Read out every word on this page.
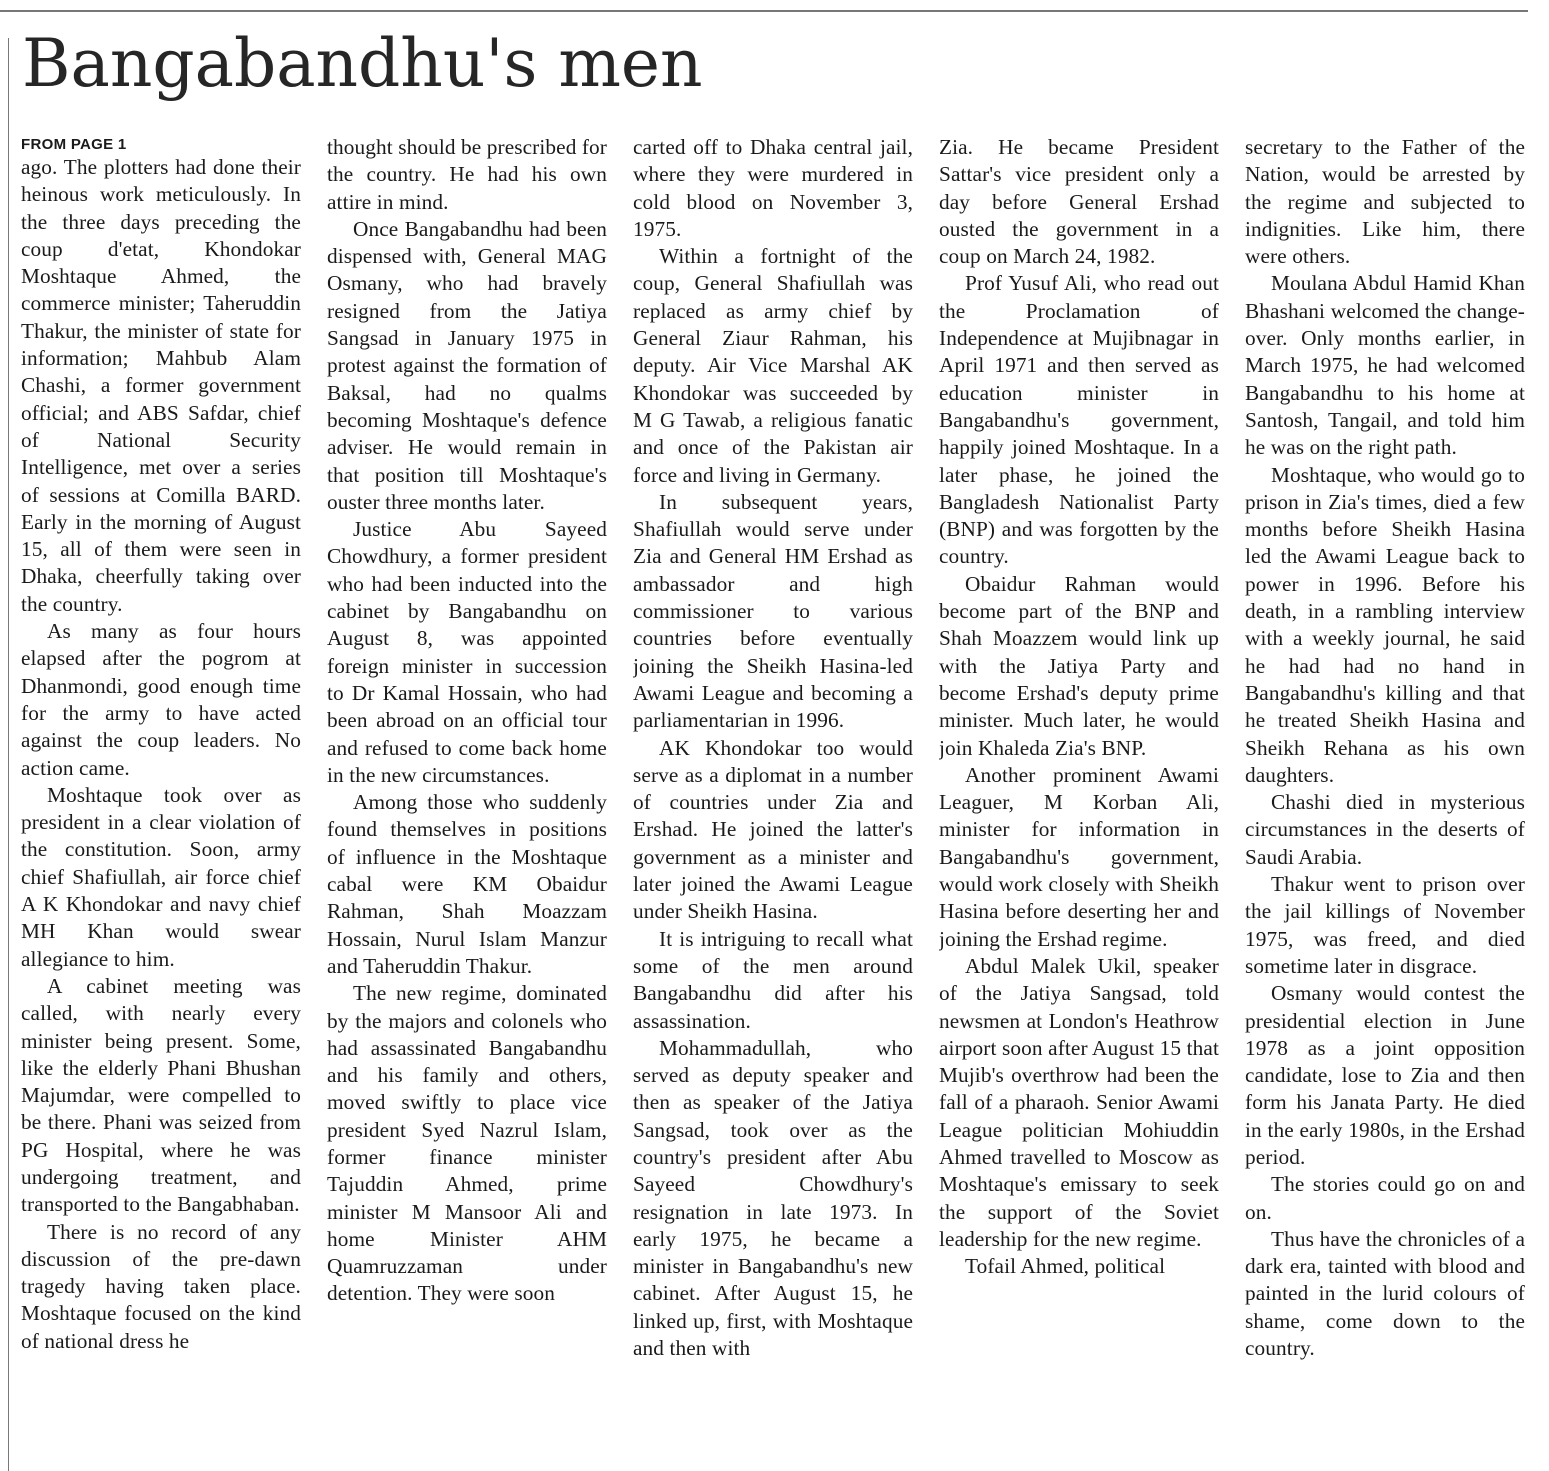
Bangabandhu's men
FROM PAGE 1

ago. The plotters had done their heinous work meticulously. In the three days preceding the coup d'etat, Khondokar Moshtaque Ahmed, the commerce minister; Taheruddin Thakur, the minister of state for information; Mahbub Alam Chashi, a former government official; and ABS Safdar, chief of National Security Intelligence, met over a series of sessions at Comilla BARD. Early in the morning of August 15, all of them were seen in Dhaka, cheerfully taking over the country.

As many as four hours elapsed after the pogrom at Dhanmondi, good enough time for the army to have acted against the coup leaders. No action came.

Moshtaque took over as president in a clear violation of the constitution. Soon, army chief Shafiullah, air force chief A K Khondokar and navy chief MH Khan would swear allegiance to him.

A cabinet meeting was called, with nearly every minister being present. Some, like the elderly Phani Bhushan Majumdar, were compelled to be there. Phani was seized from PG Hospital, where he was undergoing treatment, and transported to the Bangabhaban.

There is no record of any discussion of the pre-dawn tragedy having taken place. Moshtaque focused on the kind of national dress he

thought should be prescribed for the country. He had his own attire in mind.

Once Bangabandhu had been dispensed with, General MAG Osmany, who had bravely resigned from the Jatiya Sangsad in January 1975 in protest against the formation of Baksal, had no qualms becoming Moshtaque's defence adviser. He would remain in that position till Moshtaque's ouster three months later.

Justice Abu Sayeed Chowdhury, a former president who had been inducted into the cabinet by Bangabandhu on August 8, was appointed foreign minister in succession to Dr Kamal Hossain, who had been abroad on an official tour and refused to come back home in the new circumstances.

Among those who suddenly found themselves in positions of influence in the Moshtaque cabal were KM Obaidur Rahman, Shah Moazzam Hossain, Nurul Islam Manzur and Taheruddin Thakur.

The new regime, dominated by the majors and colonels who had assassinated Bangabandhu and his family and others, moved swiftly to place vice president Syed Nazrul Islam, former finance minister Tajuddin Ahmed, prime minister M Mansoor Ali and home Minister AHM Quamruzzaman under detention. They were soon

carted off to Dhaka central jail, where they were murdered in cold blood on November 3, 1975.

Within a fortnight of the coup, General Shafiullah was replaced as army chief by General Ziaur Rahman, his deputy. Air Vice Marshal AK Khondokar was succeeded by M G Tawab, a religious fanatic and once of the Pakistan air force and living in Germany.

In subsequent years, Shafiullah would serve under Zia and General HM Ershad as ambassador and high commissioner to various countries before eventually joining the Sheikh Hasina-led Awami League and becoming a parliamentarian in 1996.

AK Khondokar too would serve as a diplomat in a number of countries under Zia and Ershad. He joined the latter's government as a minister and later joined the Awami League under Sheikh Hasina.

It is intriguing to recall what some of the men around Bangabandhu did after his assassination.

Mohammadullah, who served as deputy speaker and then as speaker of the Jatiya Sangsad, took over as the country's president after Abu Sayeed Chowdhury's resignation in late 1973. In early 1975, he became a minister in Bangabandhu's new cabinet. After August 15, he linked up, first, with Moshtaque and then with

Zia. He became President Sattar's vice president only a day before General Ershad ousted the government in a coup on March 24, 1982.

Prof Yusuf Ali, who read out the Proclamation of Independence at Mujibnagar in April 1971 and then served as education minister in Bangabandhu's government, happily joined Moshtaque. In a later phase, he joined the Bangladesh Nationalist Party (BNP) and was forgotten by the country.

Obaidur Rahman would become part of the BNP and Shah Moazzem would link up with the Jatiya Party and become Ershad's deputy prime minister. Much later, he would join Khaleda Zia's BNP.

Another prominent Awami Leaguer, M Korban Ali, minister for information in Bangabandhu's government, would work closely with Sheikh Hasina before deserting her and joining the Ershad regime.

Abdul Malek Ukil, speaker of the Jatiya Sangsad, told newsmen at London's Heathrow airport soon after August 15 that Mujib's overthrow had been the fall of a pharaoh. Senior Awami League politician Mohiuddin Ahmed travelled to Moscow as Moshtaque's emissary to seek the support of the Soviet leadership for the new regime.

Tofail Ahmed, political

secretary to the Father of the Nation, would be arrested by the regime and subjected to indignities. Like him, there were others.

Moulana Abdul Hamid Khan Bhashani welcomed the change-over. Only months earlier, in March 1975, he had welcomed Bangabandhu to his home at Santosh, Tangail, and told him he was on the right path.

Moshtaque, who would go to prison in Zia's times, died a few months before Sheikh Hasina led the Awami League back to power in 1996. Before his death, in a rambling interview with a weekly journal, he said he had had no hand in Bangabandhu's killing and that he treated Sheikh Hasina and Sheikh Rehana as his own daughters.

Chashi died in mysterious circumstances in the deserts of Saudi Arabia.

Thakur went to prison over the jail killings of November 1975, was freed, and died sometime later in disgrace.

Osmany would contest the presidential election in June 1978 as a joint opposition candidate, lose to Zia and then form his Janata Party. He died in the early 1980s, in the Ershad period.

The stories could go on and on.

Thus have the chronicles of a dark era, tainted with blood and painted in the lurid colours of shame, come down to the country.
